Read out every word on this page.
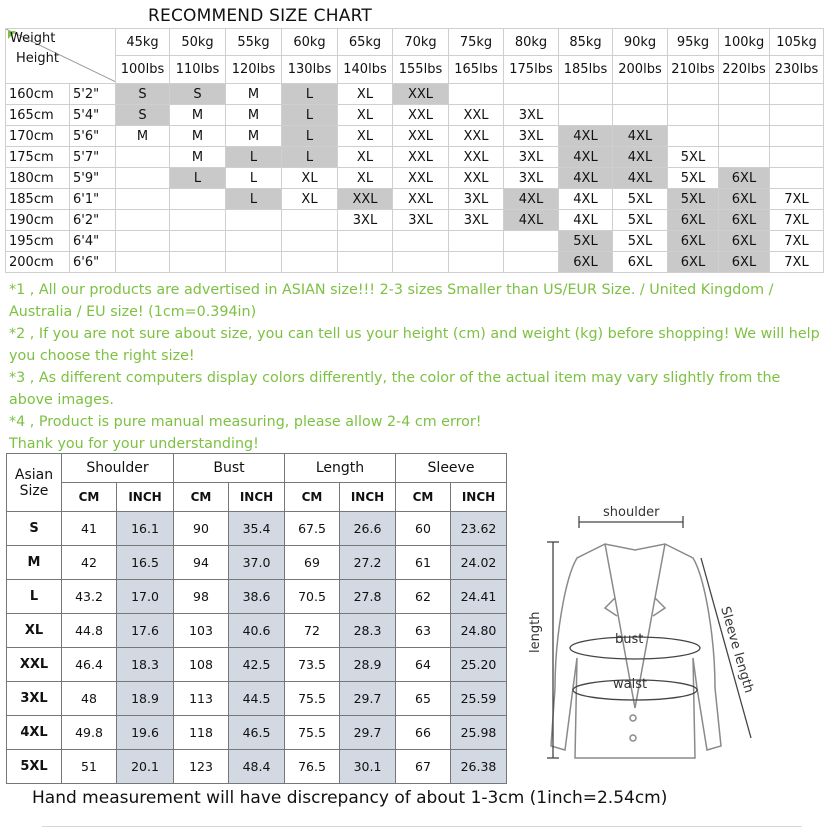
RECOMMEND SIZE CHART
Weight
Height		45kg	50kg	55kg	60kg	65kg	70kg	75kg	80kg	85kg	90kg	95kg	100kg	105kg
		100lbs	110lbs	120lbs	130lbs	140lbs	155lbs	165lbs	175lbs	185lbs	200lbs	210lbs	220lbs	230lbs
160cm	5'2"	S	S	M	L	XL	XXL							
165cm	5'4"	S	M	M	L	XL	XXL	XXL	3XL					
170cm	5'6"	M	M	M	L	XL	XXL	XXL	3XL	4XL	4XL			
175cm	5'7"		M	L	L	XL	XXL	XXL	3XL	4XL	4XL	5XL		
180cm	5'9"		L	L	XL	XL	XXL	XXL	3XL	4XL	4XL	5XL	6XL	
185cm	6'1"			L	XL	XXL	XXL	3XL	4XL	4XL	5XL	5XL	6XL	7XL
190cm	6'2"					3XL	3XL	3XL	4XL	4XL	5XL	6XL	6XL	7XL
195cm	6'4"									5XL	5XL	6XL	6XL	7XL
200cm	6'6"									6XL	6XL	6XL	6XL	7XL

*1 , All our products are advertised in ASIAN size!!! 2-3 sizes Smaller than US/EUR Size. / United Kingdom / Australia / EU size! (1cm=0.394in)

*2 , If you are not sure about size, you can tell us your height (cm) and weight (kg) before shopping! We will help you choose the right size!

*3 , As different computers display colors differently, the color of the actual item may vary slightly from the above images.

*4 , Product is pure manual measuring, please allow 2-4 cm error!

Thank you for your understanding!

Asian
Size	Shoulder		Bust		Length		Sleeve	
	CM	INCH	CM	INCH	CM	INCH	CM	INCH
S	41	16.1	90	35.4	67.5	26.6	60	23.62
M	42	16.5	94	37.0	69	27.2	61	24.02
L	43.2	17.0	98	38.6	70.5	27.8	62	24.41
XL	44.8	17.6	103	40.6	72	28.3	63	24.80
XXL	46.4	18.3	108	42.5	73.5	28.9	64	25.20
3XL	48	18.9	113	44.5	75.5	29.7	65	25.59
4XL	49.8	19.6	118	46.5	75.5	29.7	66	25.98
5XL	51	20.1	123	48.4	76.5	30.1	67	26.38
shoulder
length	bust
waist	Sleeve length
Hand measurement will have discrepancy of about 1-3cm (1inch=2.54cm)
